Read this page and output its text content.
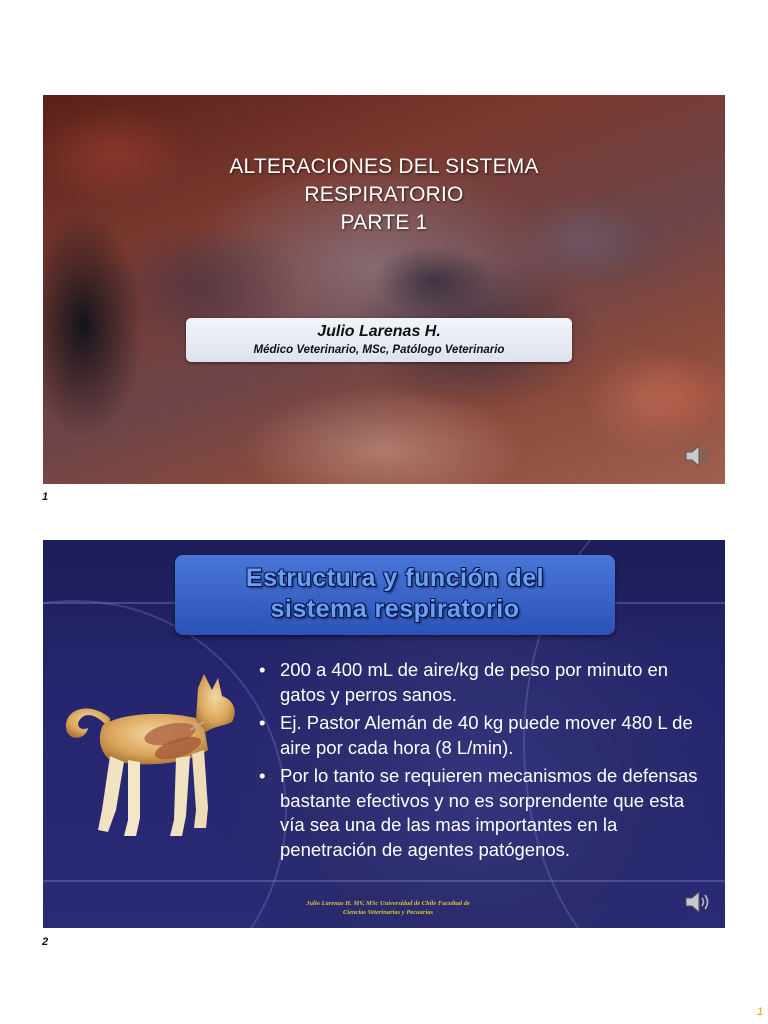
ALTERACIONES DEL SISTEMA
RESPIRATORIO
PARTE 1
Julio Larenas H.
Médico Veterinario, MSc, Patólogo Veterinario
1
Estructura y función del
sistema respiratorio
• 200 a 400 mL de aire/kg de peso por minuto en gatos y perros sanos.
• Ej. Pastor Alemán de 40 kg puede mover 480 L de aire por cada hora (8 L/min).
• Por lo tanto se requieren mecanismos de defensas bastante efectivos y no es sorprendente que esta vía sea una de las mas importantes en la penetración de agentes patógenos.
Julio Larenas H. MV, MSc Universidad de Chile Facultad de
Ciencias Veterinarias y Pecuarias
2
1
